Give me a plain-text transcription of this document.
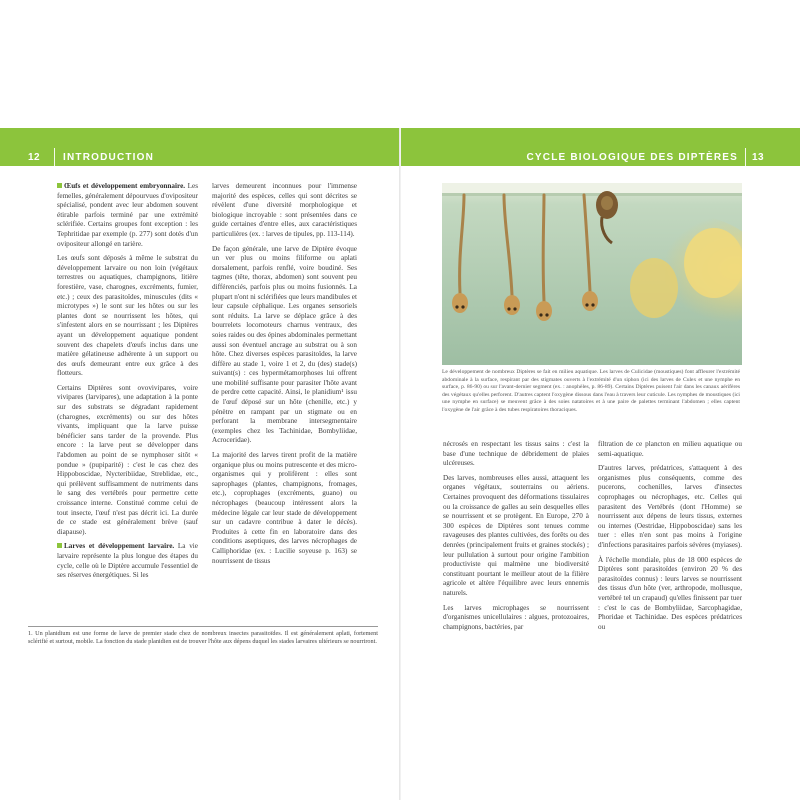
12 INTRODUCTION	CYCLE BIOLOGIQUE DES DIPTÈRES 13

Œufs et développement embryonnaire. Les femelles, généralement dépourvues d'ovipositeur spécialisé, pondent avec leur abdomen souvent étirable parfois terminé par une extrémité sclérifiée. Certains groupes font exception : les Tephritidae par exemple (p. 277) sont dotés d'un ovipositeur allongé en tarière.

Les œufs sont déposés à même le substrat du développement larvaire ou non loin (végétaux terrestres ou aquatiques, champignons, litière forestière, vase, charognes, excréments, fumier, etc.) ; ceux des parasitoïdes, minuscules (dits « microtypes ») le sont sur les hôtes ou sur les plantes dont se nourrissent les hôtes, qui s'infestent alors en se nourrissant ; les Diptères ayant un développement aquatique pondent souvent des chapelets d'œufs inclus dans une matière gélatineuse adhérente à un support ou des œufs demeurant entre eux grâce à des flotteurs.

Certains Diptères sont ovovivipares, voire vivipares (larvipares), une adaptation à la ponte sur des substrats se dégradant rapidement (charognes, excréments) ou sur des hôtes vivants, impliquant que la larve puisse bénéficier sans tarder de la provende. Plus encore : la larve peut se développer dans l'abdomen au point de se nymphoser sitôt « pondue » (pupiparité) : c'est le cas chez des Hippoboscidae, Nycteribiidae, Streblidae, etc., qui prélèvent suffisamment de nutriments dans le sang des vertébrés pour permettre cette croissance interne. Constitué comme celui de tout insecte, l'œuf n'est pas décrit ici. La durée de ce stade est généralement brève (sauf diapause).

Larves et développement larvaire. La vie larvaire représente la plus longue des étapes du cycle, celle où le Diptère accumule l'essentiel de ses réserves énergétiques. Si les

larves demeurent inconnues pour l'immense majorité des espèces, celles qui sont décrites se révèlent d'une diversité morphologique et biologique incroyable : sont présentées dans ce guide certaines d'entre elles, aux caractéristiques particulières (ex. : larves de tipules, pp. 113-114).

De façon générale, une larve de Diptère évoque un ver plus ou moins filiforme ou aplati dorsalement, parfois renflé, voire boudiné. Ses tagmes (tête, thorax, abdomen) sont souvent peu différenciés, parfois plus ou moins fusionnés. La plupart n'ont ni sclérifiées que leurs mandibules et leur capsule céphalique. Les organes sensoriels sont réduits. La larve se déplace grâce à des bourrelets locomoteurs charnus ventraux, des soies raides ou des épines abdominales permettant aussi son éventuel ancrage au substrat ou à son hôte. Chez diverses espèces parasitoïdes, la larve diffère au stade 1, voire 1 et 2, du (des) stade(s) suivant(s) : ces hypermétamorphoses lui offrent une mobilité suffisante pour parasiter l'hôte avant de perdre cette capacité. Ainsi, le planidium¹ issu de l'œuf déposé sur un hôte (chenille, etc.) y pénètre en rampant par un stigmate ou en perforant la membrane intersegmentaire (exemples chez les Tachinidae, Bombyliidae, Acroceridae).

La majorité des larves tirent profit de la matière organique plus ou moins putrescente et des micro-organismes qui y prolifèrent : elles sont saprophages (plantes, champignons, fromages, etc.), coprophages (excréments, guano) ou nécrophages (beaucoup intéressent alors la médecine légale car leur stade de développement sur un cadavre contribue à dater le décès). Produites à cette fin en laboratoire dans des conditions aseptiques, des larves nécrophages de Calliphoridae (ex. : Lucilie soyeuse p. 163) se nourrissent de tissus

1. Un planidium est une forme de larve de premier stade chez de nombreux insectes parasitoïdes. Il est généralement aplati, fortement sclérifié et surtout, mobile. La fonction du stade planidien est de trouver l'hôte aux dépens duquel les stades larvaires ultérieurs se nourriront.
Le développement de nombreux Diptères se fait en milieu aquatique. Les larves de Culicidae (moustiques) font affleurer l'extrémité abdominale à la surface, respirant par des stigmates ouverts à l'extrémité d'un siphon (ici des larves de Culex et une nymphe en surface, p. 86-90) ou sur l'avant-dernier segment (ex. : anophèles, p. 86-89). Certains Diptères puisent l'air dans les canaux aérifères des végétaux qu'elles perforent. D'autres captent l'oxygène dissous dans l'eau à travers leur cuticule. Les nymphes de moustiques (ici une nymphe en surface) se meuvent grâce à des soies natatoires et à une paire de palettes terminant l'abdomen ; elles captent l'oxygène de l'air grâce à des tubes respiratoires thoraciques.

nécrosés en respectant les tissus sains : c'est la base d'une technique de débridement de plaies ulcéreuses.

Des larves, nombreuses elles aussi, attaquent les organes végétaux, souterrains ou aériens. Certaines provoquent des déformations tissulaires ou la croissance de galles au sein desquelles elles se nourrissent et se protègent. En Europe, 270 à 300 espèces de Diptères sont tenues comme ravageuses des plantes cultivées, des forêts ou des denrées (principalement fruits et graines stockés) ; leur pullulation à surtout pour origine l'ambition productiviste qui malmène une biodiversité constituant pourtant le meilleur atout de la filière agricole et altère l'équilibre avec leurs ennemis naturels.

Les larves microphages se nourrissent d'organismes unicellulaires : algues, protozoaires, champignons, bactéries, par

filtration de ce plancton en milieu aquatique ou semi-aquatique.

D'autres larves, prédatrices, s'attaquent à des organismes plus conséquents, comme des pucerons, cochenilles, larves d'insectes coprophages ou nécrophages, etc. Celles qui parasitent des Vertébrés (dont l'Homme) se nourrissent aux dépens de leurs tissus, externes ou internes (Oestridae, Hippoboscidae) sans les tuer : elles n'en sont pas moins à l'origine d'infections parasitaires parfois sévères (myiases).

À l'échelle mondiale, plus de 18 000 espèces de Diptères sont parasitoïdes (environ 20 % des parasitoïdes connus) : leurs larves se nourrissent des tissus d'un hôte (ver, arthropode, mollusque, vertébré tel un crapaud) qu'elles finissent par tuer : c'est le cas de Bombyliidae, Sarcophagidae, Phoridae et Tachinidae. Des espèces prédatrices ou
